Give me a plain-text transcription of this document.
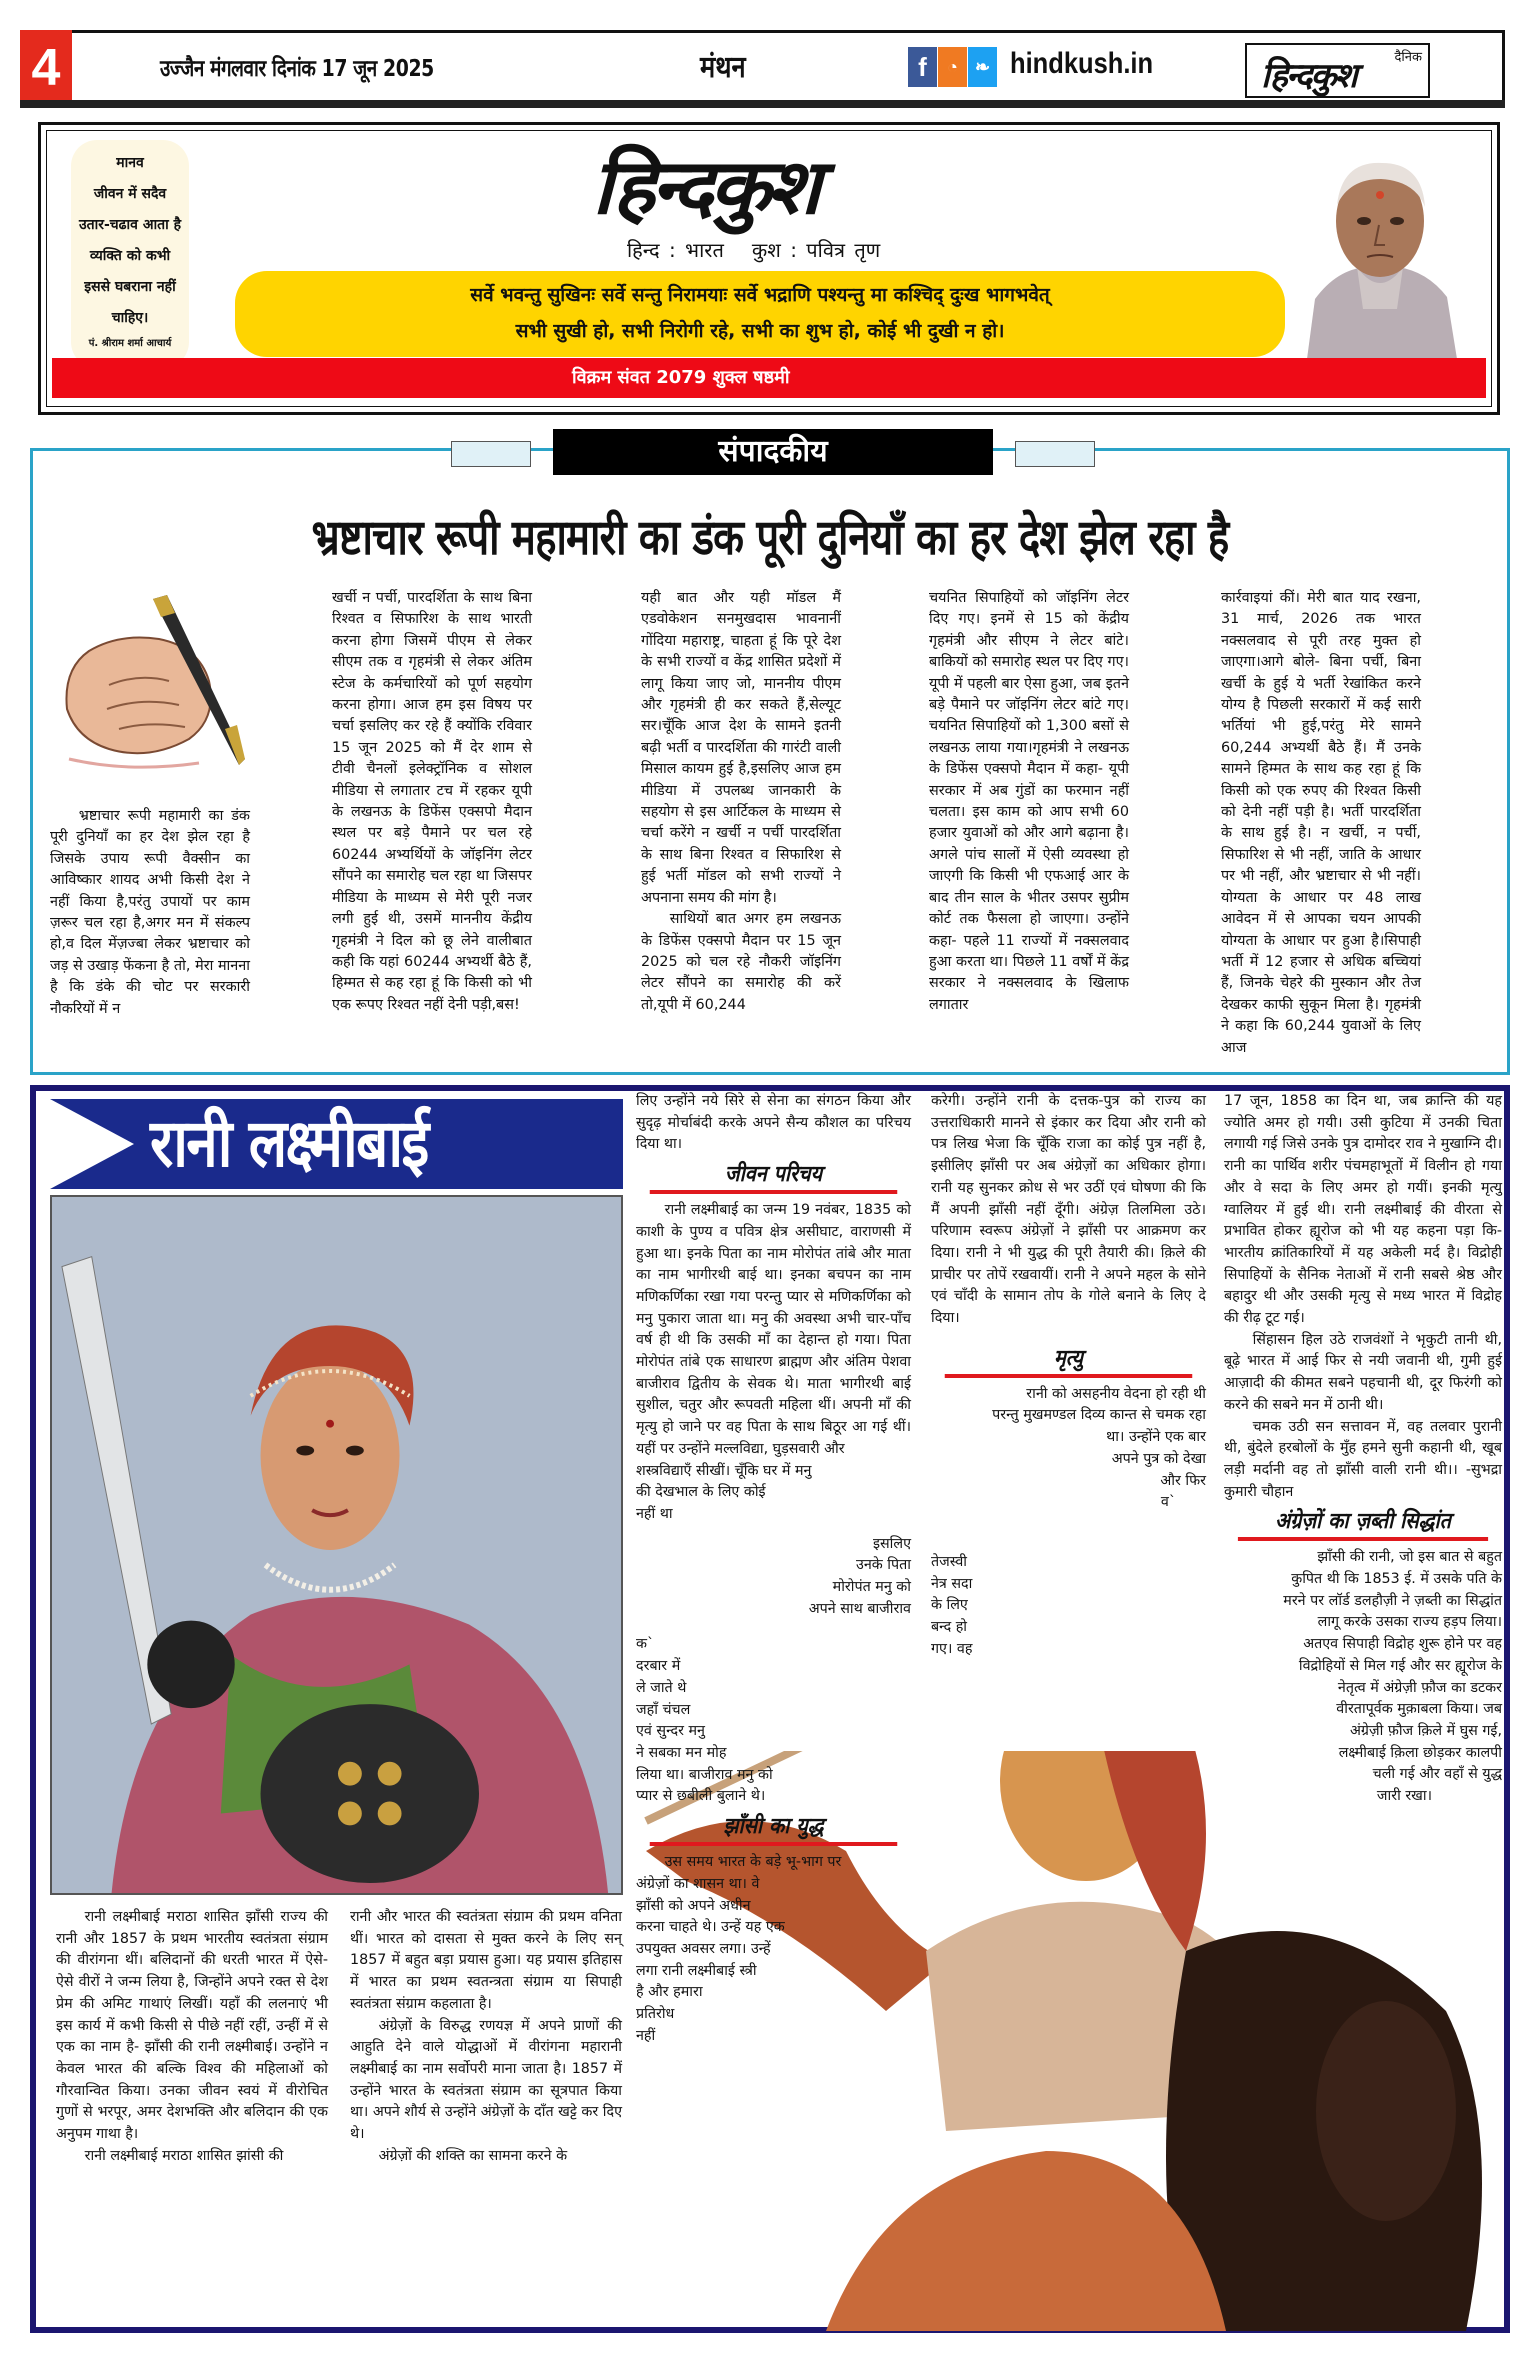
4	उज्जैन मंगलवार दिनांक 17 जून 2025	मंथन	f	◔ ❧ hindkush.in	दैनिक
हिन्दकुश
मानव
जीवन में सदैव
उतार-चढाव आता है
व्यक्ति को कभी
इससे घबराना नहीं
चाहिए।
पं. श्रीराम शर्मा आचार्य
हिन्दकुश
हिन्द : भारत कुश : पवित्र तृण
सर्वे भवन्तु सुखिनः सर्वे सन्तु निरामयाः सर्वे भद्राणि पश्यन्तु मा कश्चिद् दुःख भागभवेत्
सभी सुखी हो, सभी निरोगी रहे, सभी का शुभ हो, कोई भी दुखी न हो।
विक्रम संवत 2079 शुक्ल षष्ठमी
संपादकीय
भ्रष्टाचार रूपी महामारी का डंक पूरी दुनियाँ का हर देश झेल रहा है

भ्रष्टाचार रूपी महामारी का डंक पूरी दुनियाँ का हर देश झेल रहा है जिसके उपाय रूपी वैक्सीन का आविष्कार शायद अभी किसी देश ने नहीं किया है,परंतु उपायों पर काम ज़रूर चल रहा है,अगर मन में संकल्प हो,व दिल मेंज़ज्बा लेकर भ्रष्टाचार को जड़ से उखाड़ फेंकना है तो, मेरा मानना है कि डंके की चोट पर सरकारी नौकरियों में न

खर्ची न पर्ची, पारदर्शिता के साथ बिना रिश्वत व सिफारिश के साथ भारती करना होगा जिसमें पीएम से लेकर सीएम तक व गृहमंत्री से लेकर अंतिम स्टेज के कर्मचारियों को पूर्ण सहयोग करना होगा। आज हम इस विषय पर चर्चा इसलिए कर रहे हैं क्योंकि रविवार 15 जून 2025 को मैं देर शाम से टीवी चैनलों इलेक्ट्रॉनिक व सोशल मीडिया से लगातार टच में रहकर यूपी के लखनऊ के डिफेंस एक्सपो मैदान स्थल पर बड़े पैमाने पर चल रहे 60244 अभ्यर्थियों के जॉइनिंग लेटर सौंपने का समारोह चल रहा था जिसपर मीडिया के माध्यम से मेरी पूरी नजर लगी हुई थी, उसमें माननीय केंद्रीय गृहमंत्री ने दिल को छू लेने वालीबात कही कि यहां 60244 अभ्यर्थी बैठे हैं, हिम्मत से कह रहा हूं कि किसी को भी एक रूपए रिश्वत नहीं देनी पड़ी,बस!

यही बात और यही मॉडल मैं एडवोकेशन सनमुखदास भावनानीं गोंदिया महाराष्ट्र, चाहता हूं कि पूरे देश के सभी राज्यों व केंद्र शासित प्रदेशों में लागू किया जाए जो, माननीय पीएम और गृहमंत्री ही कर सकते हैं,सेल्यूट सर।चूँकि आज देश के सामने इतनी बढ़ी भर्ती व पारदर्शिता की गारंटी वाली मिसाल कायम हुई है,इसलिए आज हम मीडिया में उपलब्ध जानकारी के सहयोग से इस आर्टिकल के माध्यम से चर्चा करेंगे न खर्ची न पर्ची पारदर्शिता के साथ बिना रिश्वत व सिफारिश से हुई भर्ती मॉडल को सभी राज्यों ने अपनाना समय की मांग है।

साथियों बात अगर हम लखनऊ के डिफेंस एक्सपो मैदान पर 15 जून 2025 को चल रहे नौकरी जॉइनिंग लेटर सौंपने का समारोह की करें तो,यूपी में 60,244

चयनित सिपाहियों को जॉइनिंग लेटर दिए गए। इनमें से 15 को केंद्रीय गृहमंत्री और सीएम ने लेटर बांटे। बाकियों को समारोह स्थल पर दिए गए। यूपी में पहली बार ऐसा हुआ, जब इतने बड़े पैमाने पर जॉइनिंग लेटर बांटे गए।चयनित सिपाहियों को 1,300 बसों से लखनऊ लाया गया।गृहमंत्री ने लखनऊ के डिफेंस एक्सपो मैदान में कहा- यूपी सरकार में अब गुंडों का फरमान नहीं चलता। इस काम को आप सभी 60 हजार युवाओं को और आगे बढ़ाना है। अगले पांच सालों में ऐसी व्यवस्था हो जाएगी कि किसी भी एफआई आर के बाद तीन साल के भीतर उसपर सुप्रीम कोर्ट तक फैसला हो जाएगा। उन्होंने कहा- पहले 11 राज्यों में नक्सलवाद हुआ करता था। पिछले 11 वर्षों में केंद्र सरकार ने नक्सलवाद के खिलाफ लगातार

कार्रवाइयां कीं। मेरी बात याद रखना, 31 मार्च, 2026 तक भारत नक्सलवाद से पूरी तरह मुक्त हो जाएगा।आगे बोले- बिना पर्ची, बिना खर्ची के हुई ये भर्ती रेखांकित करने योग्य है पिछली सरकारों में कई सारी भर्तियां भी हुई,परंतु मेरे सामने 60,244 अभ्यर्थी बैठे हैं। मैं उनके सामने हिम्मत के साथ कह रहा हूं कि किसी को एक रुपए की रिश्वत किसी को देनी नहीं पड़ी है। भर्ती पारदर्शिता के साथ हुई है। न खर्ची, न पर्ची, सिफारिश से भी नहीं, जाति के आधार पर भी नहीं, और भ्रष्टाचार से भी नहीं। योग्यता के आधार पर 48 लाख आवेदन में से आपका चयन आपकी योग्यता के आधार पर हुआ है।सिपाही भर्ती में 12 हजार से अधिक बच्चियां हैं, जिनके चेहरे की मुस्कान और तेज देखकर काफी सुकून मिला है। गृहमंत्री ने कहा कि 60,244 युवाओं के लिए आज

रानी लक्ष्मीबाई

रानी लक्ष्मीबाई मराठा शासित झाँसी राज्य की रानी और 1857 के प्रथम भारतीय स्वतंत्रता संग्राम की वीरांगना थीं। बलिदानों की धरती भारत में ऐसे-ऐसे वीरों ने जन्म लिया है, जिन्होंने अपने रक्त से देश प्रेम की अमिट गाथाएं लिखीं। यहाँ की ललनाएं भी इस कार्य में कभी किसी से पीछे नहीं रहीं, उन्हीं में से एक का नाम है- झाँसी की रानी लक्ष्मीबाई। उन्होंने न केवल भारत की बल्कि विश्व की महिलाओं को गौरवान्वित किया। उनका जीवन स्वयं में वीरोचित गुणों से भरपूर, अमर देशभक्ति और बलिदान की एक अनुपम गाथा है।

रानी लक्ष्मीबाई मराठा शासित झांसी की

रानी और भारत की स्वतंत्रता संग्राम की प्रथम वनिता थीं। भारत को दासता से मुक्त करने के लिए सन् 1857 में बहुत बड़ा प्रयास हुआ। यह प्रयास इतिहास में भारत का प्रथम स्वतन्त्रता संग्राम या सिपाही स्वतंत्रता संग्राम कहलाता है।

अंग्रेज़ों के विरुद्ध रणयज्ञ में अपने प्राणों की आहुति देने वाले योद्धाओं में वीरांगना महारानी लक्ष्मीबाई का नाम सर्वोपरी माना जाता है। 1857 में उन्होंने भारत के स्वतंत्रता संग्राम का सूत्रपात किया था। अपने शौर्य से उन्होंने अंग्रेज़ों के दाँत खट्टे कर दिए थे।

अंग्रेज़ों की शक्ति का सामना करने के

लिए उन्होंने नये सिरे से सेना का संगठन किया और सुदृढ़ मोर्चाबंदी करके अपने सैन्य कौशल का परिचय दिया था।

जीवन परिचय

रानी लक्ष्मीबाई का जन्म 19 नवंबर, 1835 को काशी के पुण्य व पवित्र क्षेत्र असीघाट, वाराणसी में हुआ था। इनके पिता का नाम मोरोपंत तांबे और माता का नाम भागीरथी बाई था। इनका बचपन का नाम मणिकर्णिका रखा गया परन्तु प्यार से मणिकर्णिका को मनु पुकारा जाता था। मनु की अवस्था अभी चार-पाँच वर्ष ही थी कि उसकी माँ का देहान्त हो गया। पिता मोरोपंत तांबे एक साधारण ब्राह्मण और अंतिम पेशवा बाजीराव द्वितीय के सेवक थे। माता भागीरथी बाई सुशील, चतुर और रूपवती महिला थीं। अपनी माँ की मृत्यु हो जाने पर वह पिता के साथ बिठूर आ गई थीं। यहीं पर उन्होंने मल्लविद्या, घुड़सवारी और

शस्त्रविद्याएँ सीखीं। चूँकि घर में मनु
की देखभाल के लिए कोई
नहीं था
इसलिए
उनके पिता
मोरोपंत मनु को
अपने साथ बाजीराव
क`
दरबार में
ले जाते थे
जहाँ चंचल
एवं सुन्दर मनु
ने सबका मन मोह
लिया था। बाजीराव मनु को
प्यार से छबीली बुलाने थे।
झाँसी का युद्ध
उस समय भारत के बड़े भू-भाग पर
अंग्रेज़ों का शासन था। वे
झाँसी को अपने अधीन
करना चाहते थे। उन्हें यह एक
उपयुक्त अवसर लगा। उन्हें
लगा रानी लक्ष्मीबाई स्त्री
है और हमारा
प्रतिरोध
नहीं

करेगी। उन्होंने रानी के दत्तक-पुत्र को राज्य का उत्तराधिकारी मानने से इंकार कर दिया और रानी को पत्र लिख भेजा कि चूँकि राजा का कोई पुत्र नहीं है, इसीलिए झाँसी पर अब अंग्रेज़ों का अधिकार होगा। रानी यह सुनकर क्रोध से भर उठीं एवं घोषणा की कि मैं अपनी झाँसी नहीं दूँगी। अंग्रेज़ तिलमिला उठे। परिणाम स्वरूप अंग्रेज़ों ने झाँसी पर आक्रमण कर दिया। रानी ने भी युद्ध की पूरी तैयारी की। क़िले की प्राचीर पर तोपें रखवायीं। रानी ने अपने महल के सोने एवं चाँदी के सामान तोप के गोले बनाने के लिए दे दिया।

मृत्यु
रानी को असहनीय वेदना हो रही थी
परन्तु मुखमण्डल दिव्य कान्त से चमक रहा
था। उन्होंने एक बार
अपने पुत्र को देखा
और फिर
व`
तेजस्वी
नेत्र सदा
के लिए
बन्द हो
गए। वह

17 जून, 1858 का दिन था, जब क्रान्ति की यह ज्योति अमर हो गयी। उसी कुटिया में उनकी चिता लगायी गई जिसे उनके पुत्र दामोदर राव ने मुखाग्नि दी। रानी का पार्थिव शरीर पंचमहाभूतों में विलीन हो गया और वे सदा के लिए अमर हो गयीं। इनकी मृत्यु ग्वालियर में हुई थी। रानी लक्ष्मीबाई की वीरता से प्रभावित होकर ह्यूरोज को भी यह कहना पड़ा कि- भारतीय क्रांतिकारियों में यह अकेली मर्द है। विद्रोही सिपाहियों के सैनिक नेताओं में रानी सबसे श्रेष्ठ और बहादुर थी और उसकी मृत्यु से मध्य भारत में विद्रोह की रीढ़ टूट गई।

सिंहासन हिल उठे राजवंशों ने भृकुटी तानी थी, बूढ़े भारत में आई फिर से नयी जवानी थी, गुमी हुई आज़ादी की कीमत सबने पहचानी थी, दूर फिरंगी को करने की सबने मन में ठानी थी।

चमक उठी सन सत्तावन में, वह तलवार पुरानी थी, बुंदेले हरबोलों के मुँह हमने सुनी कहानी थी, खूब लड़ी मर्दानी वह तो झाँसी वाली रानी थी।। -सुभद्रा कुमारी चौहान

अंग्रेज़ों का ज़ब्ती सिद्धांत
झाँसी की रानी, जो इस बात से बहुत
कुपित थी कि 1853 ई. में उसके पति के
मरने पर लॉर्ड डलहौज़ी ने ज़ब्ती का सिद्धांत
लागू करके उसका राज्य हड़प लिया।
अतएव सिपाही विद्रोह शुरू होने पर वह
विद्रोहियों से मिल गई और सर ह्यूरोज के
नेतृत्व में अंग्रेज़ी फ़ौज का डटकर
वीरतापूर्वक मुक़ाबला किया। जब
अंग्रेज़ी फ़ौज क़िले में घुस गई,
लक्ष्मीबाई क़िला छोड़कर कालपी
चली गई और वहाँ से युद्ध
जारी रखा।
